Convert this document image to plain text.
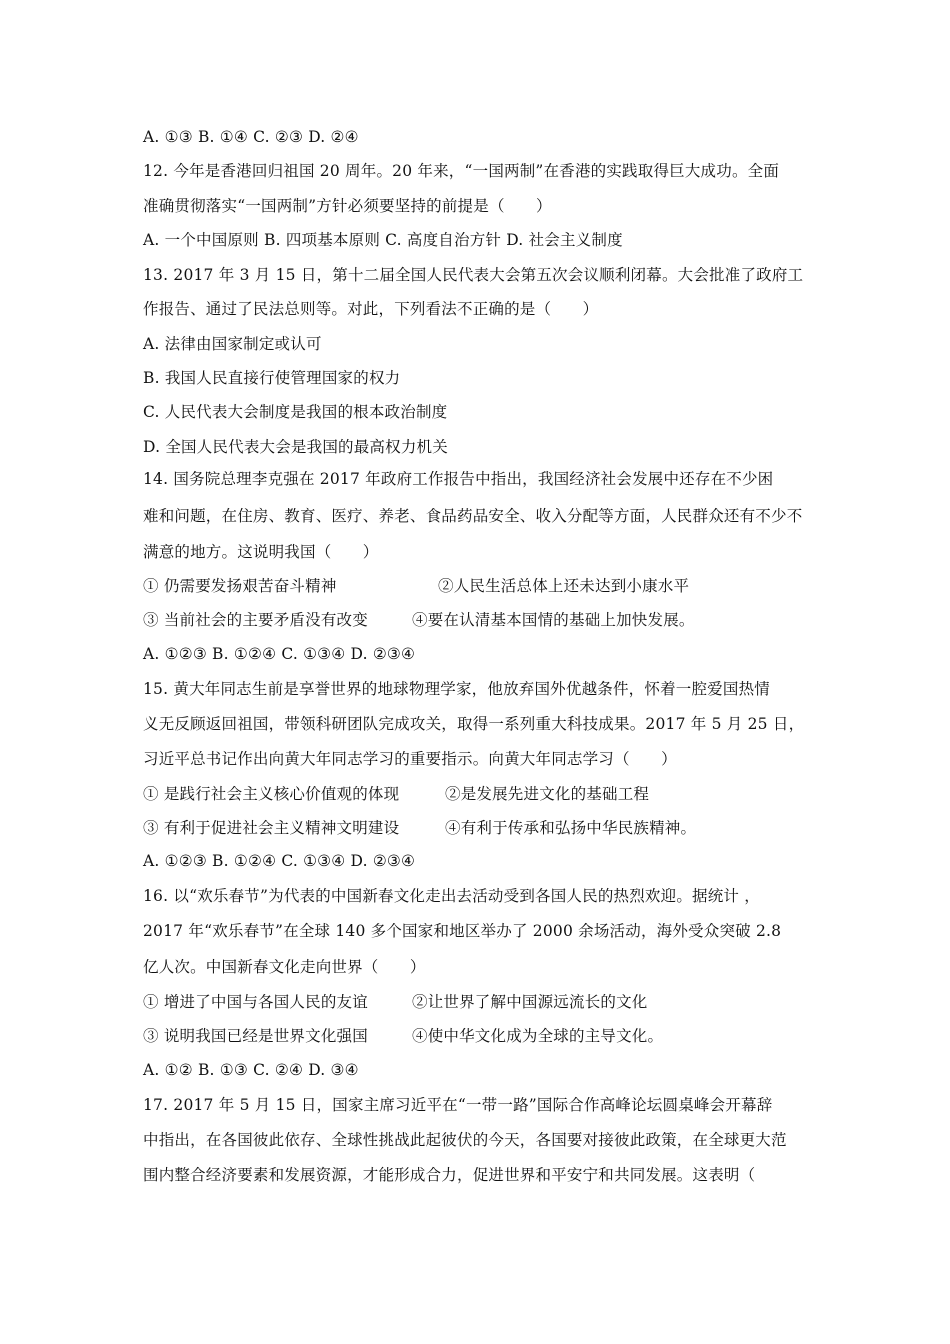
A. ①③ B. ①④ C. ②③ D. ②④
12. 今年是香港回归祖国 20 周年。20 年来，“一国两制”在香港的实践取得巨大成功。全面
准确贯彻落实“一国两制”方针必须要坚持的前提是（　　）
A. 一个中国原则 B. 四项基本原则 C. 高度自治方针 D. 社会主义制度
13. 2017 年 3 月 15 日，第十二届全国人民代表大会第五次会议顺利闭幕。大会批准了政府工
作报告、通过了民法总则等。对此，下列看法不正确的是（　　）
A. 法律由国家制定或认可
B. 我国人民直接行使管理国家的权力
C. 人民代表大会制度是我国的根本政治制度
D. 全国人民代表大会是我国的最高权力机关
14. 国务院总理李克强在 2017 年政府工作报告中指出，我国经济社会发展中还存在不少困
难和问题，在住房、教育、医疗、养老、食品药品安全、收入分配等方面，人民群众还有不少不
满意的地方。这说明我国（　　）
① 仍需要发扬艰苦奋斗精神	②人民生活总体上还未达到小康水平
③ 当前社会的主要矛盾没有改变	④要在认清基本国情的基础上加快发展。
A. ①②③ B. ①②④ C. ①③④ D. ②③④
15. 黄大年同志生前是享誉世界的地球物理学家，他放弃国外优越条件，怀着一腔爱国热情
义无反顾返回祖国，带领科研团队完成攻关，取得一系列重大科技成果。2017 年 5 月 25 日，
习近平总书记作出向黄大年同志学习的重要指示。向黄大年同志学习（　　）
① 是践行社会主义核心价值观的体现	②是发展先进文化的基础工程
③ 有利于促进社会主义精神文明建设	④有利于传承和弘扬中华民族精神。
A. ①②③ B. ①②④ C. ①③④ D. ②③④
16. 以“欢乐春节”为代表的中国新春文化走出去活动受到各国人民的热烈欢迎。据统计 ，
2017 年“欢乐春节”在全球 140 多个国家和地区举办了 2000 余场活动，海外受众突破 2.8
亿人次。中国新春文化走向世界（　　）
① 增进了中国与各国人民的友谊	②让世界了解中国源远流长的文化
③ 说明我国已经是世界文化强国	④使中华文化成为全球的主导文化。
A. ①② B. ①③ C. ②④ D. ③④
17. 2017 年 5 月 15 日，国家主席习近平在“一带一路”国际合作高峰论坛圆桌峰会开幕辞
中指出，在各国彼此依存、全球性挑战此起彼伏的今天，各国要对接彼此政策，在全球更大范
围内整合经济要素和发展资源，才能形成合力，促进世界和平安宁和共同发展。这表明（
